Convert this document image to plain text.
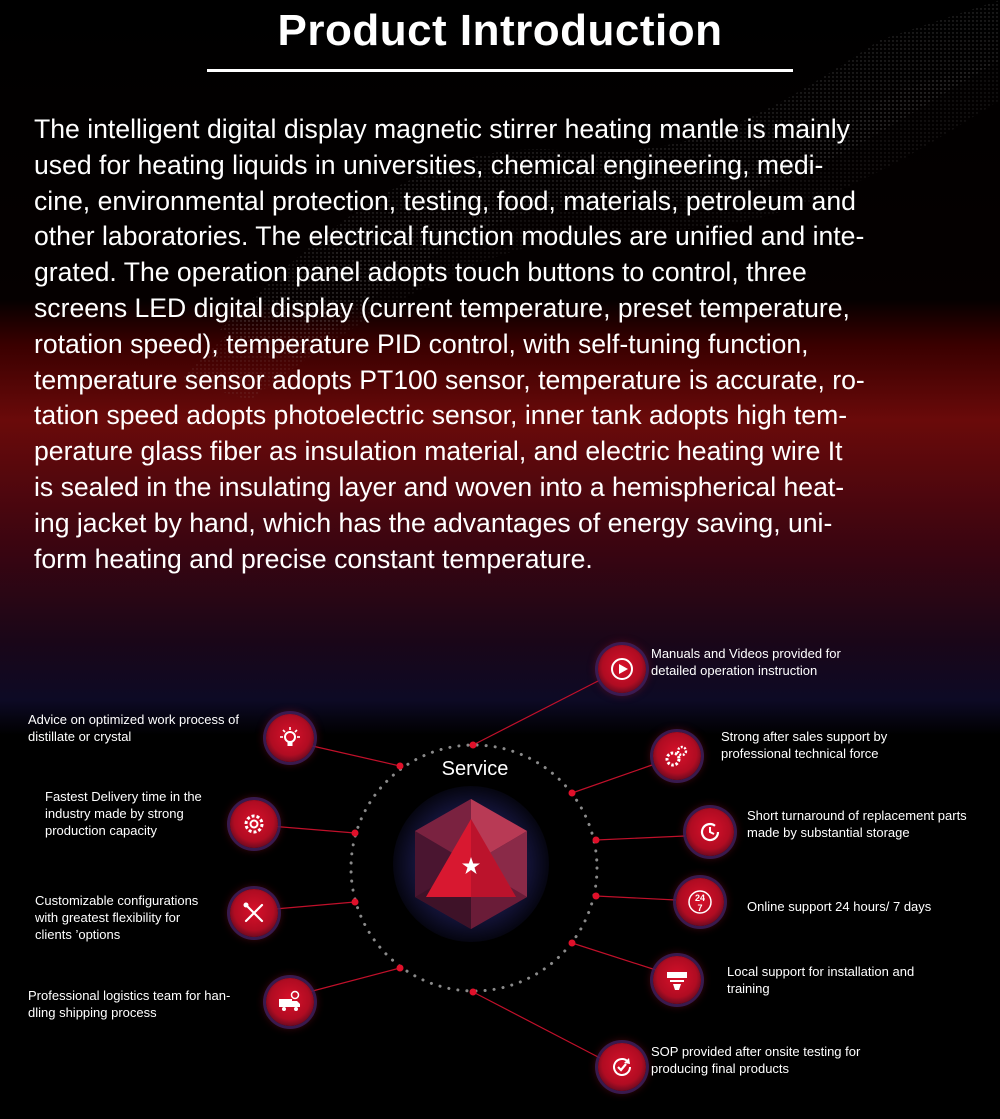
Product Introduction

The intelligent digital display magnetic stirrer heating mantle is mainly
used for heating liquids in universities, chemical engineering, medi-
cine, environmental protection, testing, food, materials, petroleum and
other laboratories. The electrical function modules are unified and inte-
grated. The operation panel adopts touch buttons to control, three
screens LED digital display (current temperature, preset temperature,
rotation speed), temperature PID control, with self-tuning function,
temperature sensor adopts PT100 sensor, temperature is accurate, ro-
tation speed adopts photoelectric sensor, inner tank adopts high tem-
perature glass fiber as insulation material, and electric heating wire It
is sealed in the insulating layer and woven into a hemispherical heat-
ing jacket by hand, which has the advantages of energy saving, uni-
form heating and precise constant temperature.

Service
Advice on optimized work process of
distillate or crystal
Fastest Delivery time in the
industry made by strong
production capacity
Customizable configurations
with greatest flexibility for
clients ’options
Professional logistics team for han-
dling shipping process
Manuals and Videos provided for
detailed operation instruction
Strong after sales support by
professional technical force
Short turnaround of replacement parts
made by substantial storage
24
7	Online support 24 hours/ 7 days
Local support for installation and
training
SOP provided after onsite testing for
producing final products
